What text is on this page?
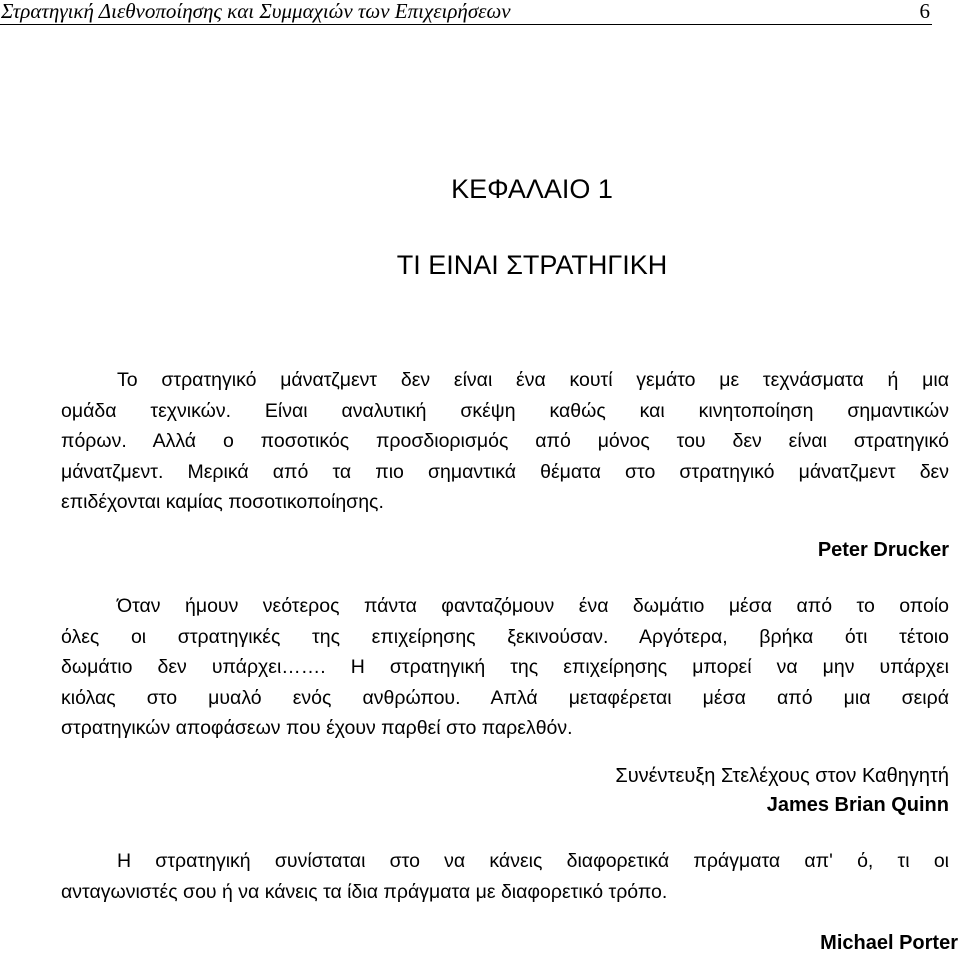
Στρατηγική Διεθνοποίησης και Συμμαχιών των Επιχειρήσεων	6
ΚΕΦΑΛΑΙΟ 1
ΤΙ ΕΙΝΑΙ ΣΤΡΑΤΗΓΙΚΗ
Το στρατηγικό μάνατζμεντ δεν είναι ένα κουτί γεμάτο με τεχνάσματα ή μια
ομάδα τεχνικών. Είναι αναλυτική σκέψη καθώς και κινητοποίηση σημαντικών
πόρων. Αλλά ο ποσοτικός προσδιορισμός από μόνος του δεν είναι στρατηγικό
μάνατζμεντ. Μερικά από τα πιο σημαντικά θέματα στο στρατηγικό μάνατζμεντ δεν
επιδέχονται καμίας ποσοτικοποίησης.
Peter Drucker
Όταν ήμουν νεότερος πάντα φανταζόμουν ένα δωμάτιο μέσα από το οποίο
όλες οι στρατηγικές της επιχείρησης ξεκινούσαν. Αργότερα, βρήκα ότι τέτοιο
δωμάτιο δεν υπάρχει……. Η στρατηγική της επιχείρησης μπορεί να μην υπάρχει
κιόλας στο μυαλό ενός ανθρώπου. Απλά μεταφέρεται μέσα από μια σειρά
στρατηγικών αποφάσεων που έχουν παρθεί στο παρελθόν.
Συνέντευξη Στελέχους στον Καθηγητή
James Brian Quinn
Η στρατηγική συνίσταται στο να κάνεις διαφορετικά πράγματα απ' ό, τι οι
ανταγωνιστές σου ή να κάνεις τα ίδια πράγματα με διαφορετικό τρόπο.
Michael Porter
